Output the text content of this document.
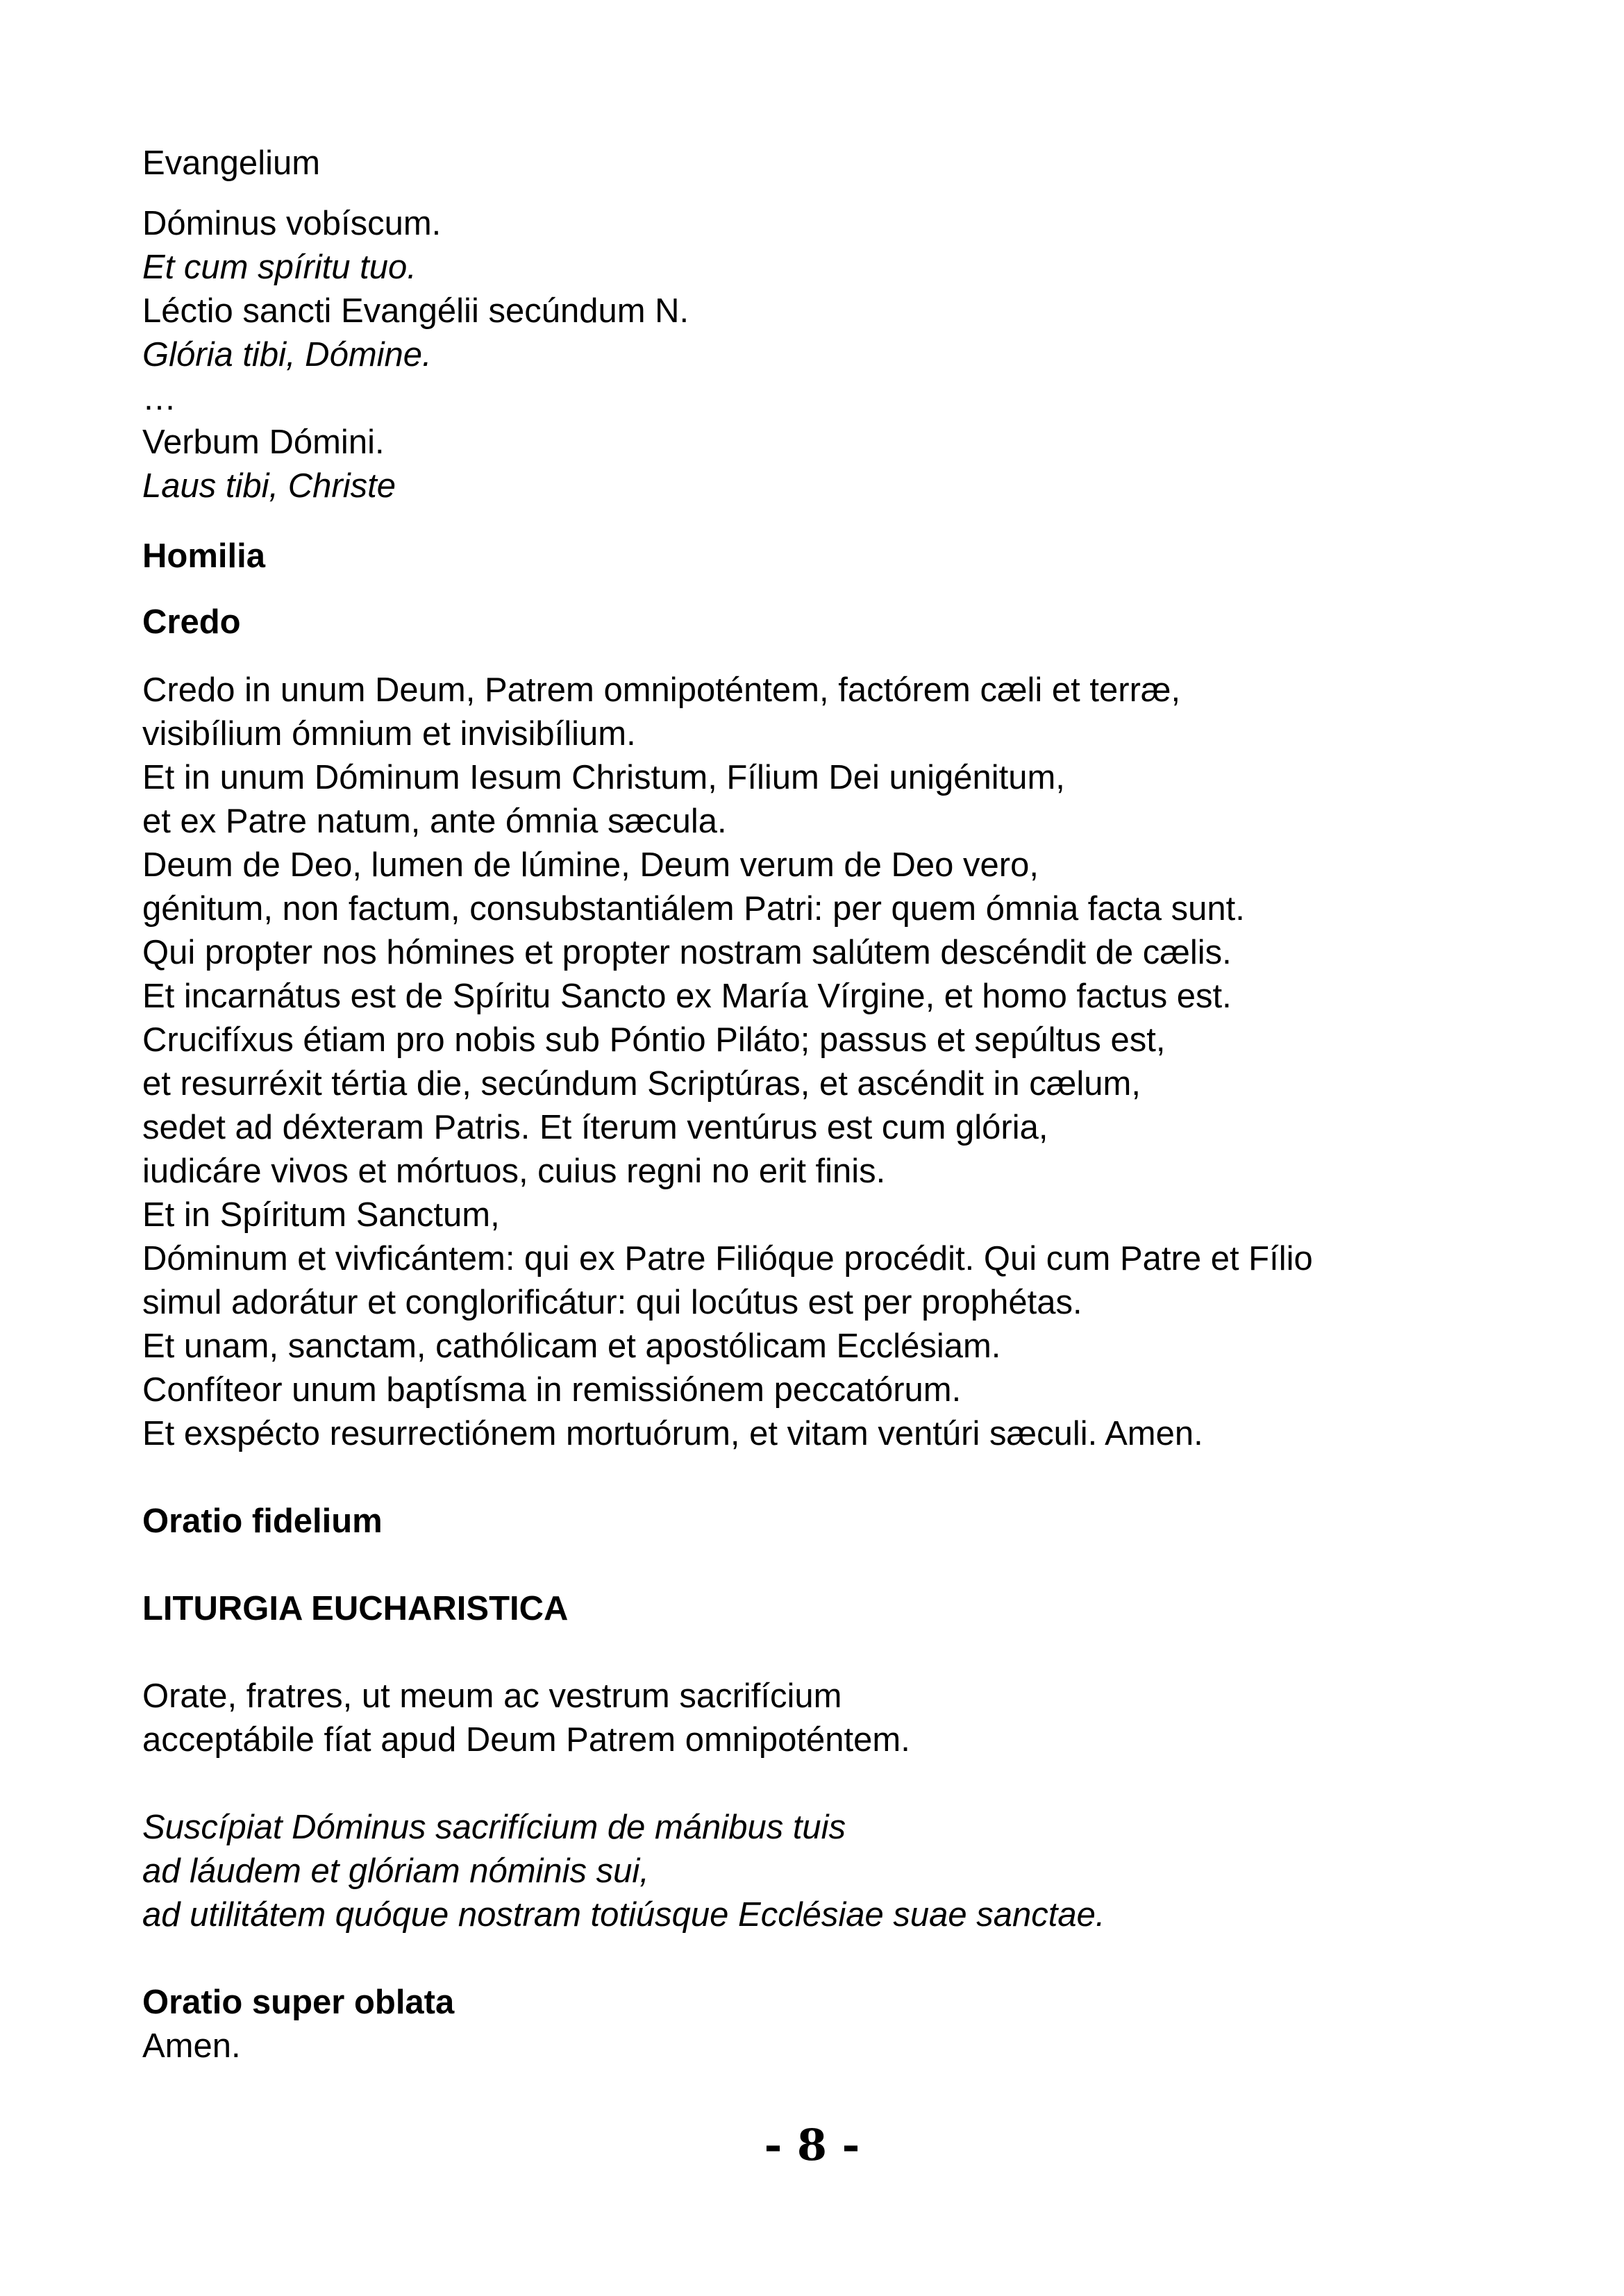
Evangelium
Dóminus vobíscum.
Et cum spíritu tuo.
Léctio sancti Evangélii secúndum N.
Glória tibi, Dómine.
…
Verbum Dómini.
Laus tibi, Christe
Homilia
Credo
Credo in unum Deum, Patrem omnipoténtem, factórem cæli et terræ,
visibílium ómnium et invisibílium.
Et in unum Dóminum Iesum Christum, Fílium Dei unigénitum,
et ex Patre natum, ante ómnia sæcula.
Deum de Deo, lumen de lúmine, Deum verum de Deo vero,
génitum, non factum, consubstantiálem Patri: per quem ómnia facta sunt.
Qui propter nos hómines et propter nostram salútem descéndit de cælis.
Et incarnátus est de Spíritu Sancto ex María Vírgine, et homo factus est.
Crucifíxus étiam pro nobis sub Póntio Piláto; passus et sepúltus est,
et resurréxit tértia die, secúndum Scriptúras, et ascéndit in cælum,
sedet ad déxteram Patris. Et íterum ventúrus est cum glória,
iudicáre vivos et mórtuos, cuius regni no erit finis.
Et in Spíritum Sanctum,
Dóminum et vivficántem: qui ex Patre Filióque procédit. Qui cum Patre et Fílio
simul adorátur et conglorificátur: qui locútus est per prophétas.
Et unam, sanctam, cathólicam et apostólicam Ecclésiam.
Confíteor unum baptísma in remissiónem peccatórum.
Et exspécto resurrectiónem mortuórum, et vitam ventúri sæculi. Amen.
Oratio fidelium
LITURGIA EUCHARISTICA
Orate, fratres, ut meum ac vestrum sacrifícium
acceptábile fíat apud Deum Patrem omnipoténtem.
Suscípiat Dóminus sacrifícium de mánibus tuis
ad láudem et glóriam nóminis sui,
ad utilitátem quóque nostram totiúsque Ecclésiae suae sanctae.
Oratio super oblata
Amen.
- 8 -
